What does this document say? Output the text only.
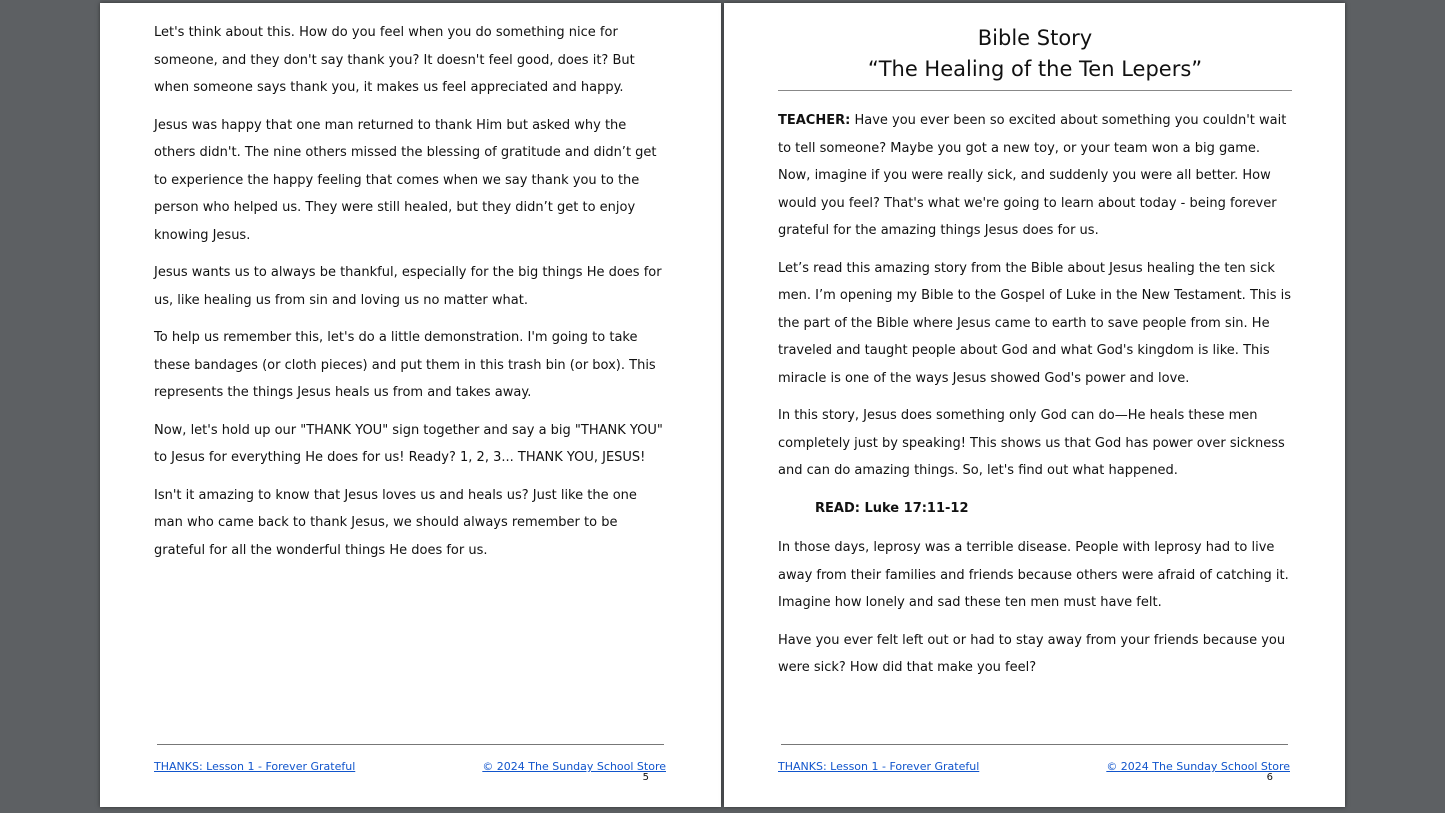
Let's think about this. How do you feel when you do something nice for someone, and they don't say thank you? It doesn't feel good, does it? But when someone says thank you, it makes us feel appreciated and happy.

Jesus was happy that one man returned to thank Him but asked why the others didn't. The nine others missed the blessing of gratitude and didn’t get to experience the happy feeling that comes when we say thank you to the person who helped us. They were still healed, but they didn’t get to enjoy knowing Jesus.

Jesus wants us to always be thankful, especially for the big things He does for us, like healing us from sin and loving us no matter what.

To help us remember this, let's do a little demonstration. I'm going to take these bandages (or cloth pieces) and put them in this trash bin (or box). This represents the things Jesus heals us from and takes away.

Now, let's hold up our "THANK YOU" sign together and say a big "THANK YOU" to Jesus for everything He does for us! Ready? 1, 2, 3... THANK YOU, JESUS!

Isn't it amazing to know that Jesus loves us and heals us? Just like the one man who came back to thank Jesus, we should always remember to be grateful for all the wonderful things He does for us.

THANKS: Lesson 1 - Forever Grateful	© 2024 The Sunday School Store
5
Bible Story
“The Healing of the Ten Lepers”

TEACHER: Have you ever been so excited about something you couldn't wait to tell someone? Maybe you got a new toy, or your team won a big game. Now, imagine if you were really sick, and suddenly you were all better. How would you feel? That's what we're going to learn about today - being forever grateful for the amazing things Jesus does for us.

Let’s read this amazing story from the Bible about Jesus healing the ten sick men. I’m opening my Bible to the Gospel of Luke in the New Testament. This is the part of the Bible where Jesus came to earth to save people from sin. He traveled and taught people about God and what God's kingdom is like. This miracle is one of the ways Jesus showed God's power and love.

In this story, Jesus does something only God can do—He heals these men completely just by speaking! This shows us that God has power over sickness and can do amazing things. So, let's find out what happened.

READ: Luke 17:11-12

In those days, leprosy was a terrible disease. People with leprosy had to live away from their families and friends because others were afraid of catching it. Imagine how lonely and sad these ten men must have felt.

Have you ever felt left out or had to stay away from your friends because you were sick? How did that make you feel?

THANKS: Lesson 1 - Forever Grateful	© 2024 The Sunday School Store
6
